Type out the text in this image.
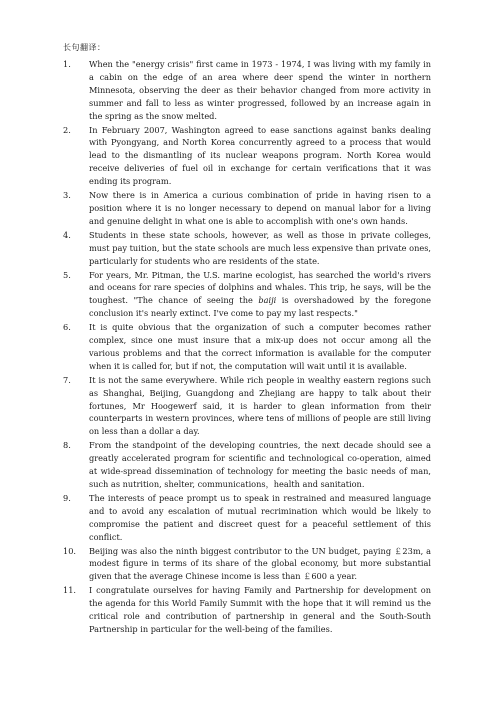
长句翻译：
1.	When the "energy crisis" first came in 1973 - 1974, I was living with my family in a cabin on the edge of an area where deer spend the winter in northern Minnesota, observing the deer as their behavior changed from more activity in summer and fall to less as winter progressed, followed by an increase again in the spring as the snow melted.
2.	In February 2007, Washington agreed to ease sanctions against banks dealing with Pyongyang, and North Korea concurrently agreed to a process that would lead to the dismantling of its nuclear weapons program. North Korea would receive deliveries of fuel oil in exchange for certain verifications that it was ending its program.
3.	Now there is in America a curious combination of pride in having risen to a position where it is no longer necessary to depend on manual labor for a living and genuine delight in what one is able to accomplish with one's own hands.
4.	Students in these state schools, however, as well as those in private colleges, must pay tuition, but the state schools are much less expensive than private ones, particularly for students who are residents of the state.
5.	For years, Mr. Pitman, the U.S. marine ecologist, has searched the world's rivers and oceans for rare species of dolphins and whales. This trip, he says, will be the toughest. "The chance of seeing the baiji is overshadowed by the foregone conclusion it's nearly extinct. I've come to pay my last respects."
6.	It is quite obvious that the organization of such a computer becomes rather complex, since one must insure that a mix-up does not occur among all the various problems and that the correct information is available for the computer when it is called for, but if not, the computation will wait until it is available.
7.	It is not the same everywhere. While rich people in wealthy eastern regions such as Shanghai, Beijing, Guangdong and Zhejiang are happy to talk about their fortunes, Mr Hoogewerf said, it is harder to glean information from their counterparts in western provinces, where tens of millions of people are still living on less than a dollar a day.
8.	From the standpoint of the developing countries, the next decade should see a greatly accelerated program for scientific and technological co-operation, aimed at wide-spread dissemination of technology for meeting the basic needs of man, such as nutrition, shelter, communications，health and sanitation.
9.	The interests of peace prompt us to speak in restrained and measured language and to avoid any escalation of mutual recrimination which would be likely to compromise the patient and discreet quest for a peaceful settlement of this conflict.
10.	Beijing was also the ninth biggest contributor to the UN budget, paying ￡23m, a modest figure in terms of its share of the global economy, but more substantial given that the average Chinese income is less than ￡600 a year.
11.	I congratulate ourselves for having Family and Partnership for development on the agenda for this World Family Summit with the hope that it will remind us the critical role and contribution of partnership in general and the South-South Partnership in particular for the well-being of the families.
